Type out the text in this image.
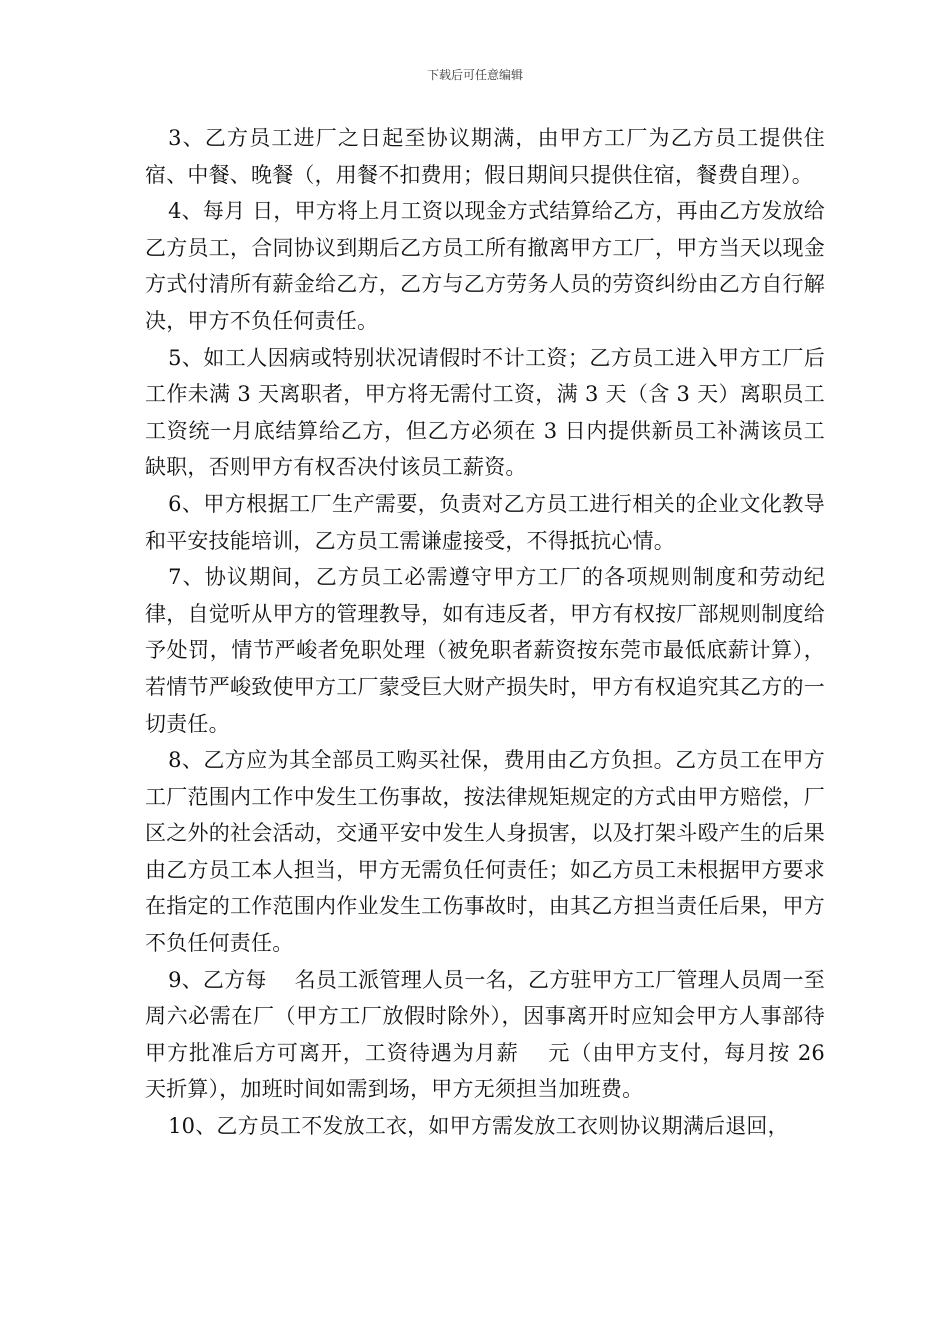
下载后可任意编辑

3、乙方员工进厂之日起至协议期满，由甲方工厂为乙方员工提供住宿、中餐、晚餐（，用餐不扣费用；假日期间只提供住宿，餐费自理）。

4、每月 日，甲方将上月工资以现金方式结算给乙方，再由乙方发放给乙方员工，合同协议到期后乙方员工所有撤离甲方工厂，甲方当天以现金方式付清所有薪金给乙方，乙方与乙方劳务人员的劳资纠纷由乙方自行解决，甲方不负任何责任。

5、如工人因病或特别状况请假时不计工资；乙方员工进入甲方工厂后工作未满 3 天离职者，甲方将无需付工资，满 3 天（含 3 天）离职员工工资统一月底结算给乙方，但乙方必须在 3 日内提供新员工补满该员工缺职，否则甲方有权否决付该员工薪资。

6、甲方根据工厂生产需要，负责对乙方员工进行相关的企业文化教导和平安技能培训，乙方员工需谦虚接受，不得抵抗心情。

7、协议期间，乙方员工必需遵守甲方工厂的各项规则制度和劳动纪律，自觉听从甲方的管理教导，如有违反者，甲方有权按厂部规则制度给予处罚，情节严峻者免职处理（被免职者薪资按东莞市最低底薪计算），若情节严峻致使甲方工厂蒙受巨大财产损失时，甲方有权追究其乙方的一切责任。

8、乙方应为其全部员工购买社保，费用由乙方负担。乙方员工在甲方工厂范围内工作中发生工伤事故，按法律规矩规定的方式由甲方赔偿，厂区之外的社会活动，交通平安中发生人身损害，以及打架斗殴产生的后果由乙方员工本人担当，甲方无需负任何责任；如乙方员工未根据甲方要求在指定的工作范围内作业发生工伤事故时，由其乙方担当责任后果，甲方不负任何责任。

9、乙方每　 名员工派管理人员一名，乙方驻甲方工厂管理人员周一至周六必需在厂（甲方工厂放假时除外），因事离开时应知会甲方人事部待甲方批准后方可离开，工资待遇为月薪　 元（由甲方支付，每月按 26 天折算），加班时间如需到场，甲方无须担当加班费。

10、乙方员工不发放工衣，如甲方需发放工衣则协议期满后退回，
